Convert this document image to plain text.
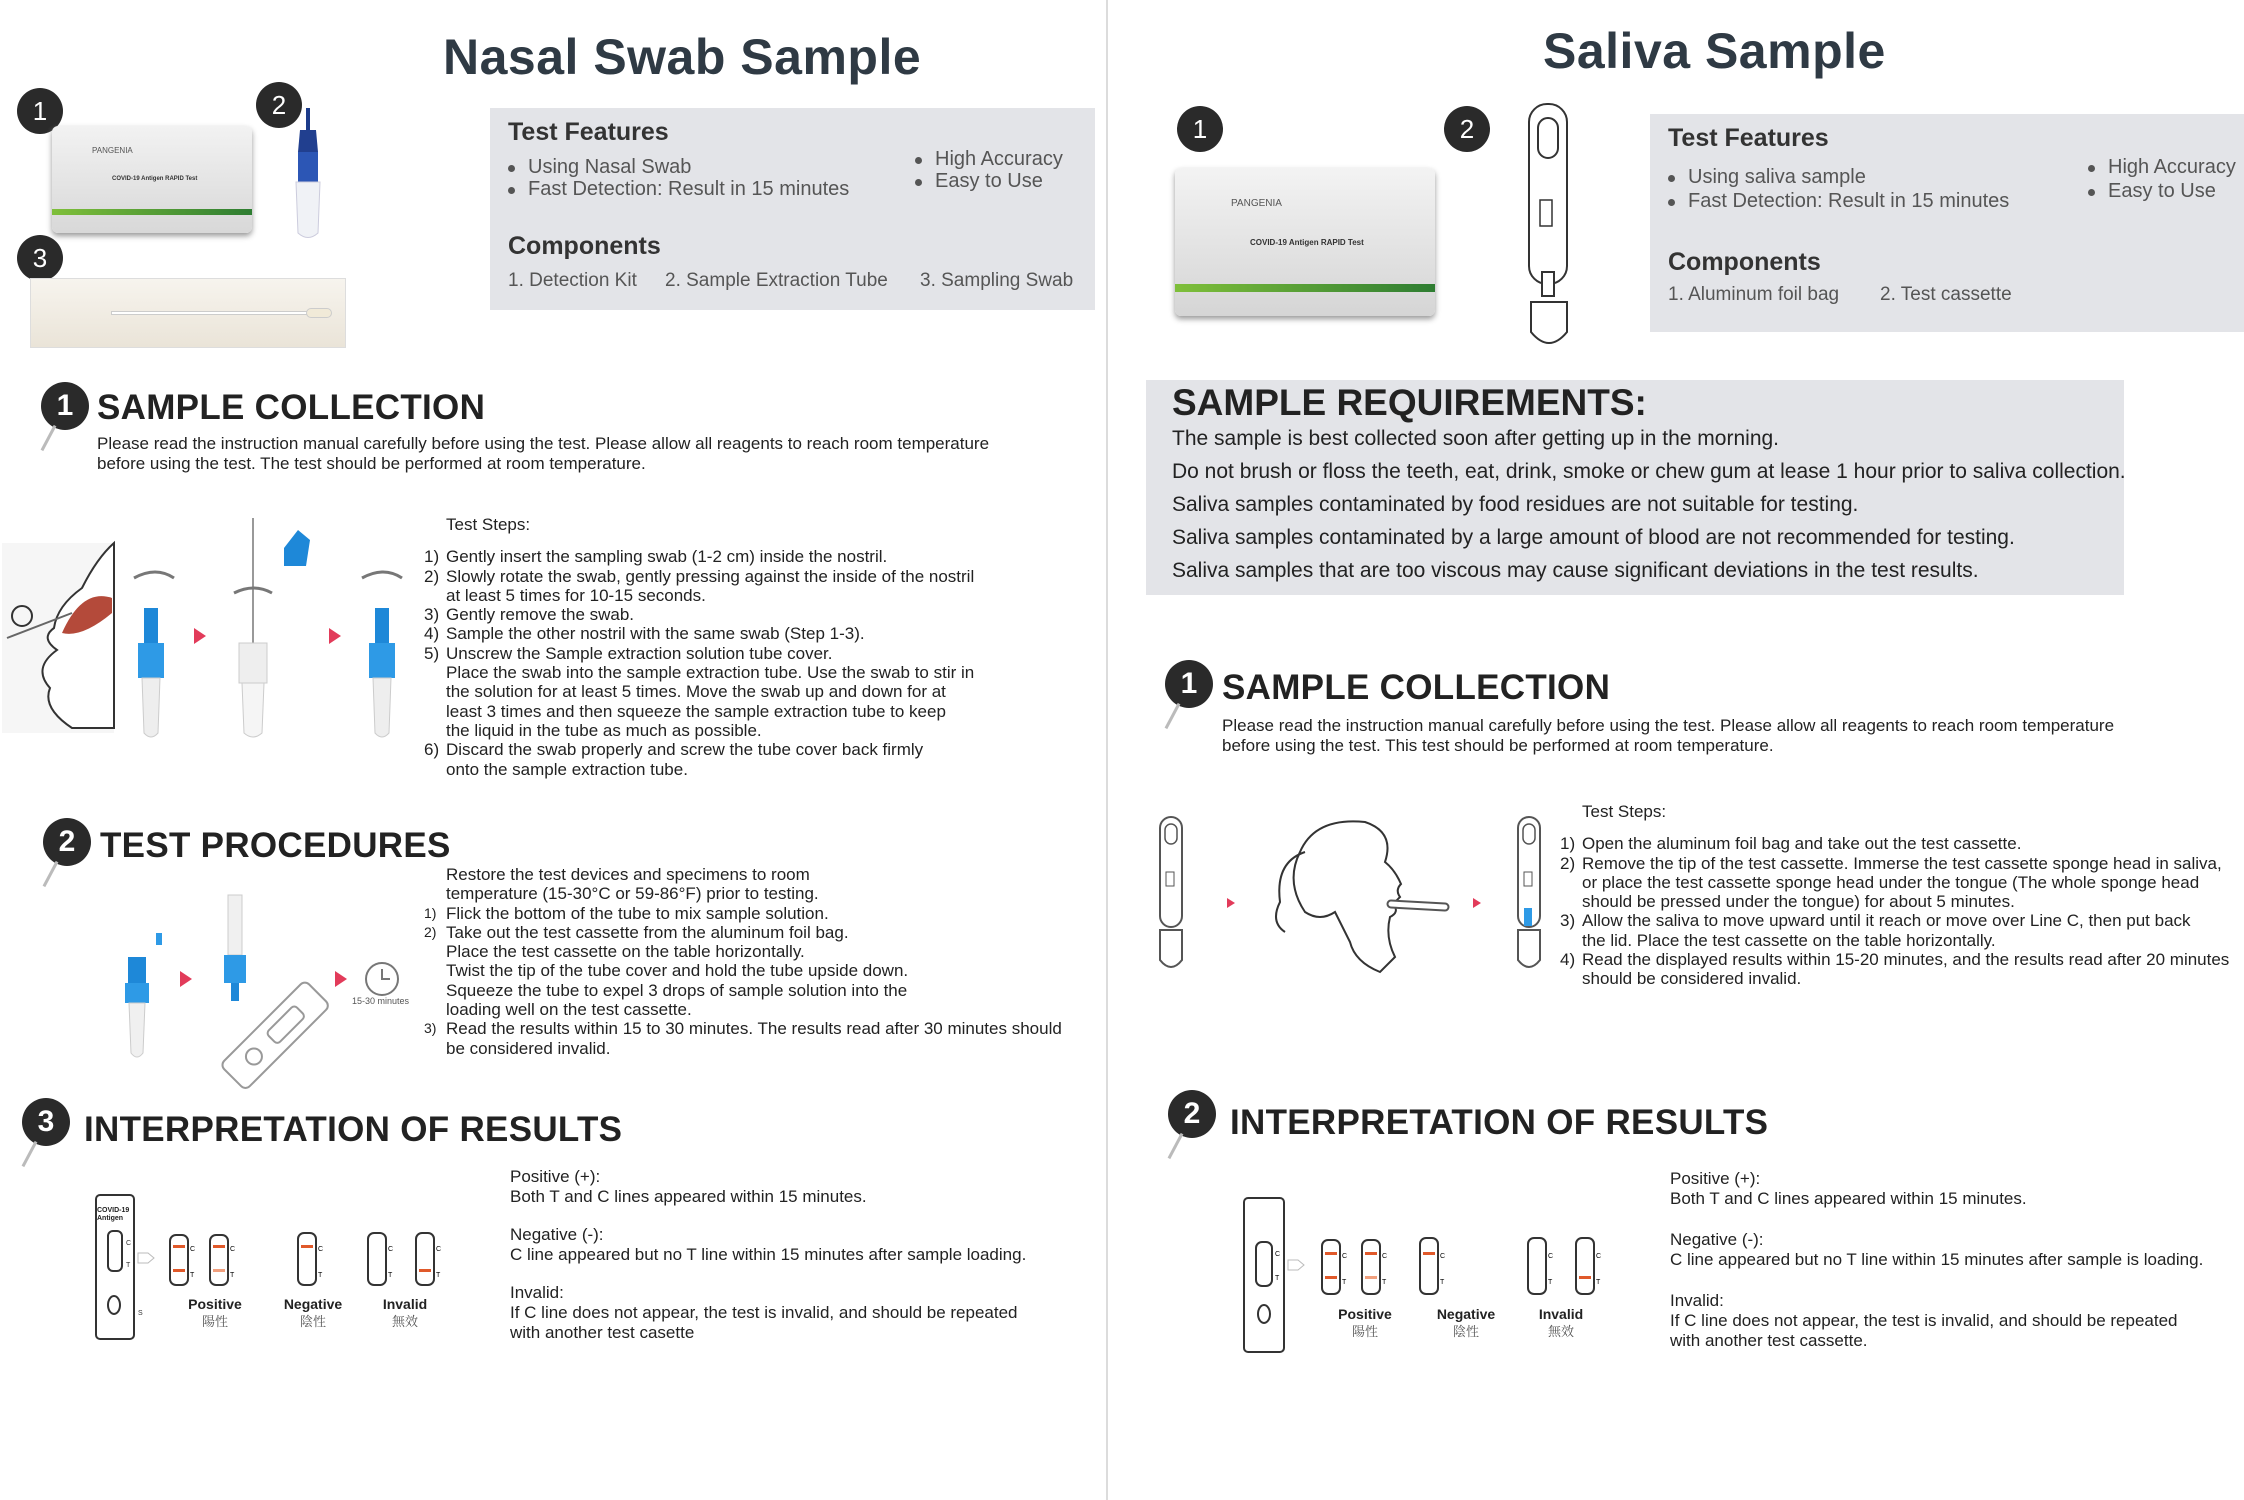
Nasal Swab Sample
1	2
3
PANGENIA
COVID-19 Antigen RAPID Test
Test Features
Using Nasal Swab
Fast Detection: Result in 15 minutes
High Accuracy
Easy to Use
Components
1. Detection Kit 2. Sample Extraction Tube 3. Sampling Swab
1 SAMPLE COLLECTION
Please read the instruction manual carefully before using the test. Please allow all reagents to reach room temperature
before using the test. The test should be performed at room temperature.
Test Steps:
1) Gently insert the sampling swab (1-2 cm) inside the nostril.
2) Slowly rotate the swab, gently pressing against the inside of the nostril
at least 5 times for 10-15 seconds.
3) Gently remove the swab.
4) Sample the other nostril with the same swab (Step 1-3).
5) Unscrew the Sample extraction solution tube cover.
Place the swab into the sample extraction tube. Use the swab to stir in
the solution for at least 5 times. Move the swab up and down for at
least 3 times and then squeeze the sample extraction tube to keep
the liquid in the tube as much as possible.
6) Discard the swab properly and screw the tube cover back firmly
onto the sample extraction tube.
2 TEST PROCEDURES
15-30 minutes
Restore the test devices and specimens to room
temperature (15-30°C or 59-86°F) prior to testing.
1) Flick the bottom of the tube to mix sample solution.
2) Take out the test cassette from the aluminum foil bag.
Place the test cassette on the table horizontally.
Twist the tip of the tube cover and hold the tube upside down.
Squeeze the tube to expel 3 drops of sample solution into the
loading well on the test cassette.
3) Read the results within 15 to 30 minutes. The results read after 30 minutes should
be considered invalid.
3 INTERPRETATION OF RESULTS
C
T
S
C
T
C
T
C
T
C
T
C
T
COVID-19
Antigen
Positive
陽性
Negative
陰性
Invalid
無效
Positive (+):
Both T and C lines appeared within 15 minutes.
Negative (-):
C line appeared but no T line within 15 minutes after sample loading.
Invalid:
If C line does not appear, the test is invalid, and should be repeated
with another test casette
Saliva Sample
1	2
PANGENIA
COVID-19 Antigen RAPID Test
Test Features
Using saliva sample
Fast Detection: Result in 15 minutes
High Accuracy
Easy to Use
Components
1. Aluminum foil bag 2. Test cassette
SAMPLE REQUIREMENTS:
The sample is best collected soon after getting up in the morning.
Do not brush or floss the teeth, eat, drink, smoke or chew gum at lease 1 hour prior to saliva collection.
Saliva samples contaminated by food residues are not suitable for testing.
Saliva samples contaminated by a large amount of blood are not recommended for testing.
Saliva samples that are too viscous may cause significant deviations in the test results.
1 SAMPLE COLLECTION
Please read the instruction manual carefully before using the test. Please allow all reagents to reach room temperature
before using the test. This test should be performed at room temperature.
Test Steps:
1) Open the aluminum foil bag and take out the test cassette.
2) Remove the tip of the test cassette. Immerse the test cassette sponge head in saliva,
or place the test cassette sponge head under the tongue (The whole sponge head
should be pressed under the tongue) for about 5 minutes.
3) Allow the saliva to move upward until it reach or move over Line C, then put back
the lid. Place the test cassette on the table horizontally.
4) Read the displayed results within 15-20 minutes, and the results read after 20 minutes
should be considered invalid.
2 INTERPRETATION OF RESULTS
C
T
C
T
C
T
C
T
C
T
C
T
Positive
陽性
Negative
陰性
Invalid
無效
Positive (+):
Both T and C lines appeared within 15 minutes.
Negative (-):
C line appeared but no T line within 15 minutes after sample is loading.
Invalid:
If C line does not appear, the test is invalid, and should be repeated
with another test cassette.
